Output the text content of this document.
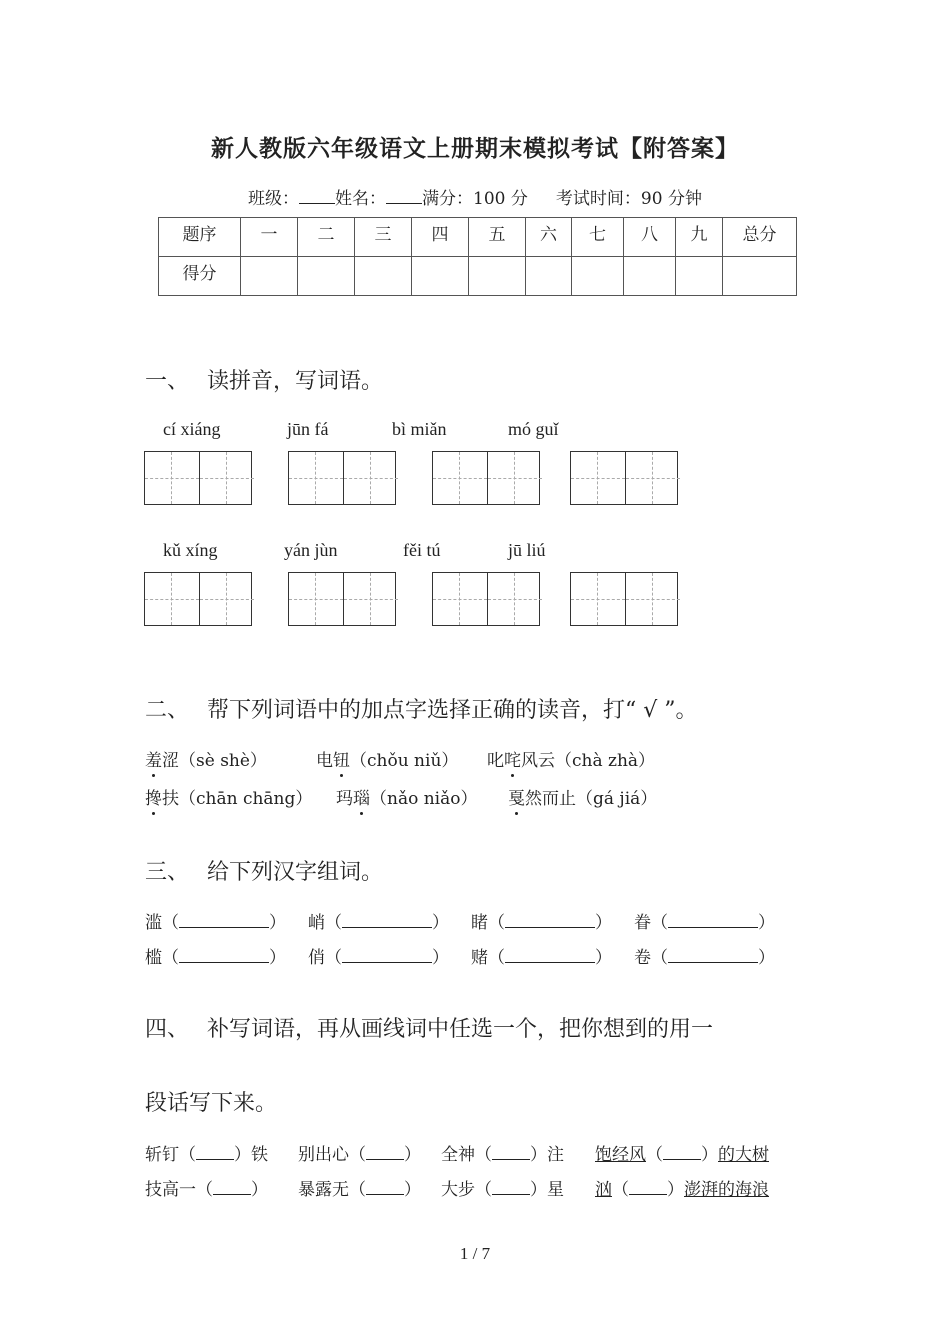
新人教版六年级语文上册期末模拟考试【附答案】
班级： 姓名： 满分：100 分 考试时间：90 分钟
题序	一	二	三	四	五	六	七	八	九	总分
得分										
一、 读拼音，写词语。
cí xiáng	jūn fá	bì miǎn	mó guǐ
kǔ xíng	yán jùn	fěi tú	jū liú
二、 帮下列词语中的加点字选择正确的读音，打“ √ ”。
羞涩（sè shè）	电钮（chǒu niǔ） 叱咤风云（chà zhà）
搀扶（chān chāng） 玛瑙（nǎo niǎo） 戛然而止（gá jiá）
三、 给下列汉字组词。
滥（	） 峭（	） 睹（	） 眷（	）
槛（	） 俏（	） 赌（	） 卷（	）
四、 补写词语，再从画线词中任选一个，把你想到的用一
段话写下来。
斩钉（ ）铁 别出心（ ） 全神（ ）注 饱经风（ ）的大树
技高一（ ） 暴露无（ ） 大步（ ）星 汹（ ）澎湃的海浪
1 / 7
